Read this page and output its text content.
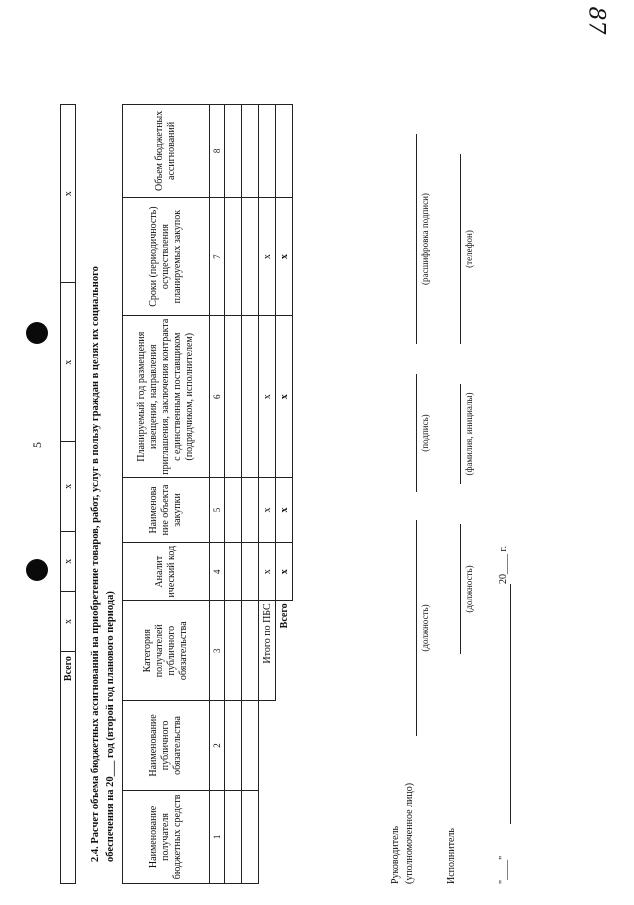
5
87
Всего	х	х	х	х	х
2.4. Расчет объема бюджетных ассигнований на приобретение товаров, работ, услуг в пользу граждан в целях их социального обеспечения на 20___ год (второй год планового периода)	Наименование получателя бюджетных средств	Наименование публичного обязательства	Категория получателей публичного обязательства	Аналит ический код	Наименова ние объекта закупки	Планируемый год размещения извещения, направления приглашения, заключения контракта с единственным поставщиком (подрядчиком, исполнителем)	Сроки (периодичность) осуществления планируемых закупок	Объем бюджетных ассигнований
1	2	3	4	5	6	7	8

		Итого по ПБС	х	х	х	х	
		Всего	х	х	х	х	
Руководитель (уполномоченное лицо)
(должность)
(подпись)
(расшифровка подписи)
Исполнитель
(должность)
(фамилия, инициалы)
(телефон)
"____"
20____ г.
